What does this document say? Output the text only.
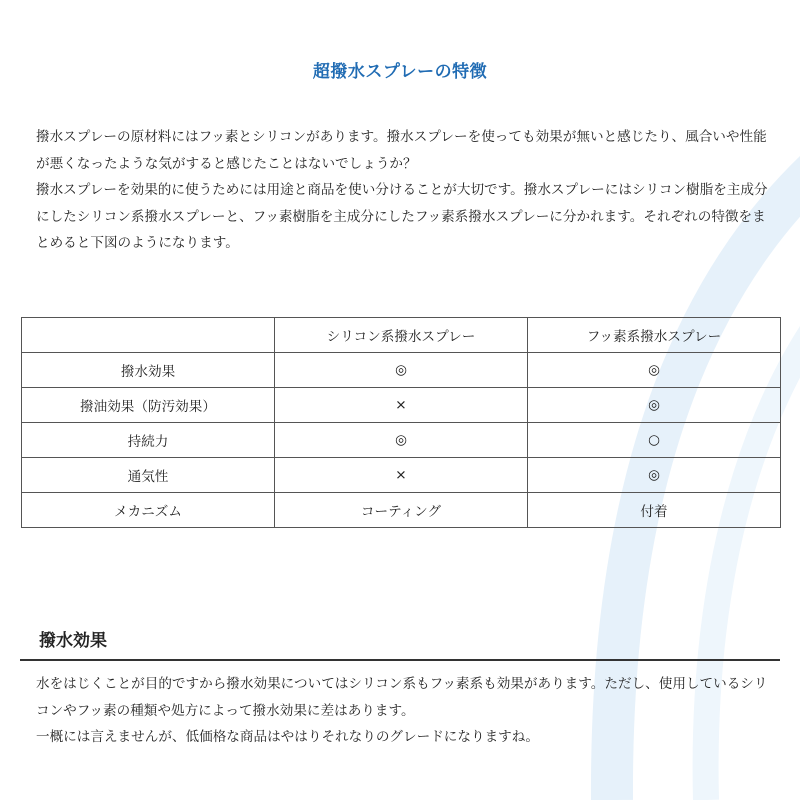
超撥水スプレーの特徴

撥水スプレーの原材料にはフッ素とシリコンがあります。撥水スプレーを使っても効果が無いと感じたり、風合いや性能が悪くなったような気がすると感じたことはないでしょうか？

撥水スプレーを効果的に使うためには用途と商品を使い分けることが大切です。撥水スプレーにはシリコン樹脂を主成分にしたシリコン系撥水スプレーと、フッ素樹脂を主成分にしたフッ素系撥水スプレーに分かれます。それぞれの特徴をまとめると下図のようになります。

	シリコン系撥水スプレー	フッ素系撥水スプレー
撥水効果	◎	◎
撥油効果（防汚効果）	×	◎
持続力	◎	○
通気性	×	◎
メカニズム	コーティング	付着
撥水効果

水をはじくことが目的ですから撥水効果についてはシリコン系もフッ素系も効果があります。ただし、使用しているシリコンやフッ素の種類や処方によって撥水効果に差はあります。

一概には言えませんが、低価格な商品はやはりそれなりのグレードになりますね。
